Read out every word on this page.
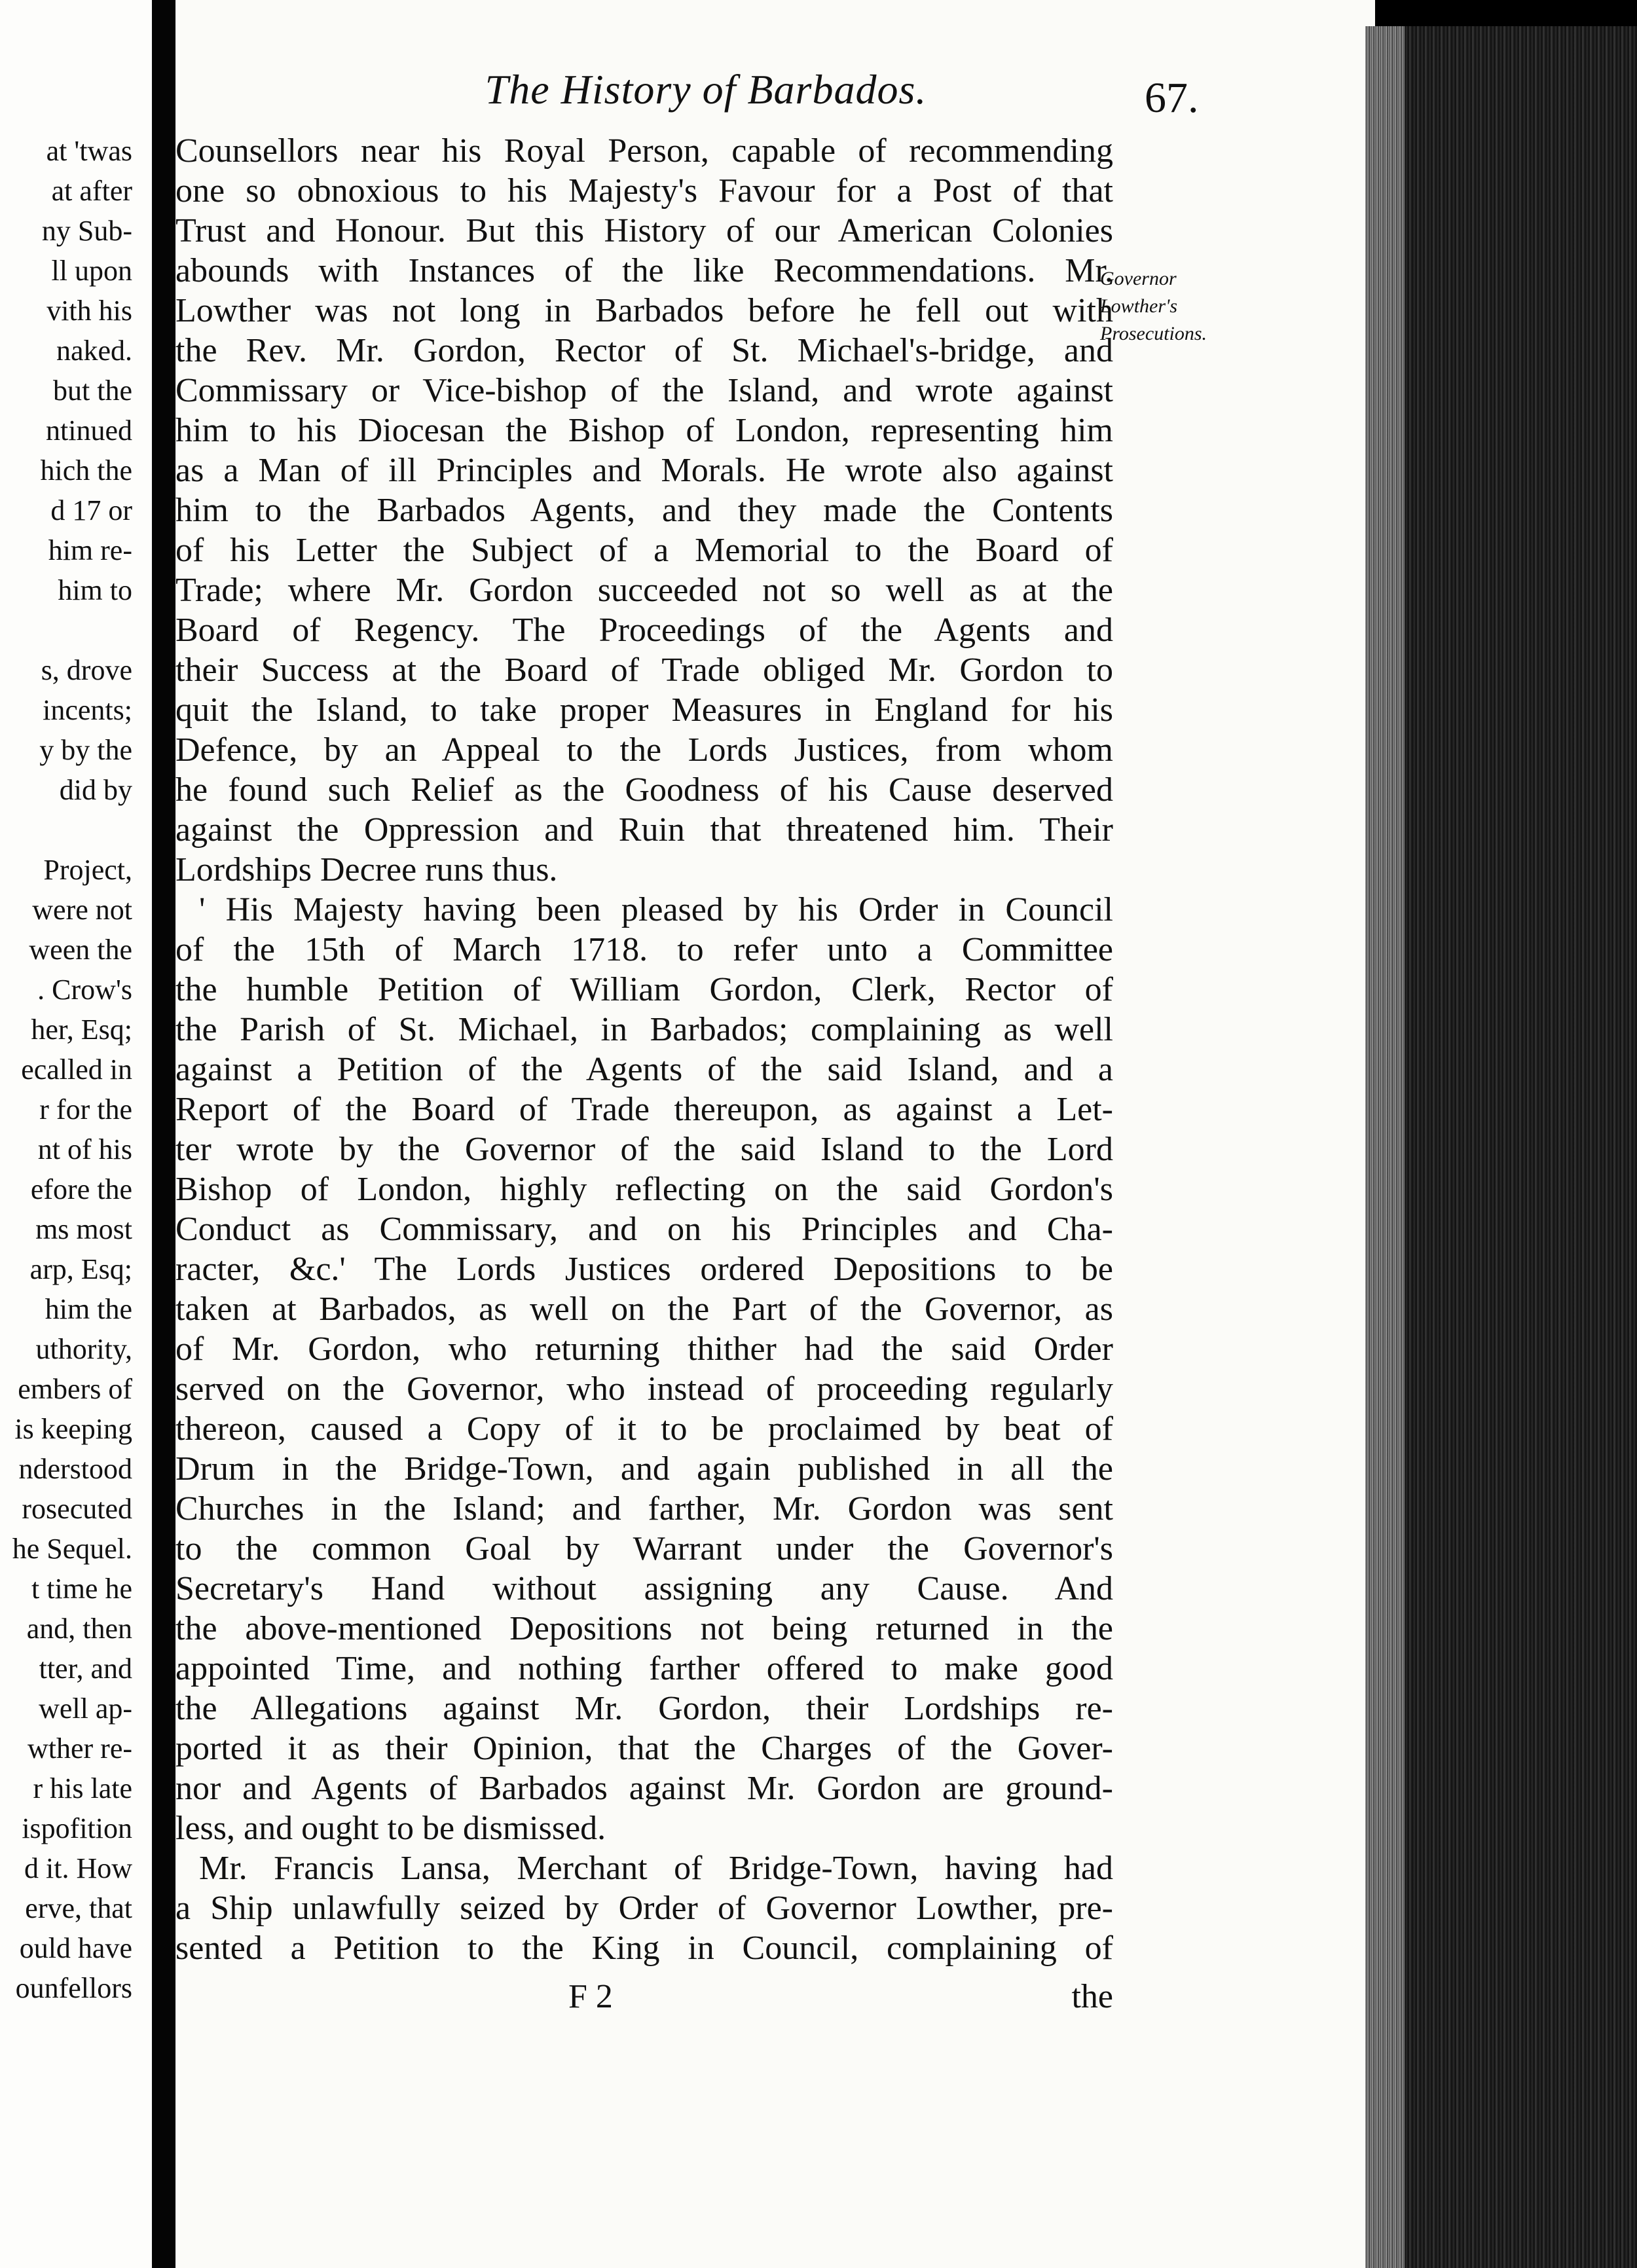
at 'twas
at after
ny Sub-
ll upon
vith his
naked.
but the
ntinued
hich the
d 17 or
him re-
him to
s, drove
incents;
y by the
did by
Project,
were not
ween the
. Crow's
her, Esq;
ecalled in
r for the
nt of his
efore the
ms most
arp, Esq;
him the
uthority,
embers of
is keeping
nderstood
rosecuted
he Sequel.
t time he
and, then
tter, and
well ap-
wther re-
r his late
ispofition
d it. How
erve, that
ould have
ounfellors
The History of Barbados.	67.
Counsellors near his Royal Person, capable of recommending
one so obnoxious to his Majesty's Favour for a Post of that
Trust and Honour. But this History of our American Colonies
abounds with Instances of the like Recommendations. Mr.
Lowther was not long in Barbados before he fell out with
the Rev. Mr. Gordon, Rector of St. Michael's-bridge, and
Commissary or Vice-bishop of the Island, and wrote against
him to his Diocesan the Bishop of London, representing him
as a Man of ill Principles and Morals. He wrote also against
him to the Barbados Agents, and they made the Contents
of his Letter the Subject of a Memorial to the Board of
Trade; where Mr. Gordon succeeded not so well as at the
Board of Regency. The Proceedings of the Agents and
their Success at the Board of Trade obliged Mr. Gordon to
quit the Island, to take proper Measures in England for his
Defence, by an Appeal to the Lords Justices, from whom
he found such Relief as the Goodness of his Cause deserved
against the Oppression and Ruin that threatened him. Their
Lordships Decree runs thus.
' His Majesty having been pleased by his Order in Council
of the 15th of March 1718. to refer unto a Committee
the humble Petition of William Gordon, Clerk, Rector of
the Parish of St. Michael, in Barbados; complaining as well
against a Petition of the Agents of the said Island, and a
Report of the Board of Trade thereupon, as against a Let-
ter wrote by the Governor of the said Island to the Lord
Bishop of London, highly reflecting on the said Gordon's
Conduct as Commissary, and on his Principles and Cha-
racter, &c.' The Lords Justices ordered Depositions to be
taken at Barbados, as well on the Part of the Governor, as
of Mr. Gordon, who returning thither had the said Order
served on the Governor, who instead of proceeding regularly
thereon, caused a Copy of it to be proclaimed by beat of
Drum in the Bridge-Town, and again published in all the
Churches in the Island; and farther, Mr. Gordon was sent
to the common Goal by Warrant under the Governor's
Secretary's Hand without assigning any Cause. And
the above-mentioned Depositions not being returned in the
appointed Time, and nothing farther offered to make good
the Allegations against Mr. Gordon, their Lordships re-
ported it as their Opinion, that the Charges of the Gover-
nor and Agents of Barbados against Mr. Gordon are ground-
less, and ought to be dismissed.
Mr. Francis Lansa, Merchant of Bridge-Town, having had
a Ship unlawfully seized by Order of Governor Lowther, pre-
sented a Petition to the King in Council, complaining of
Governor
Lowther's
Prosecutions.
F 2	the
